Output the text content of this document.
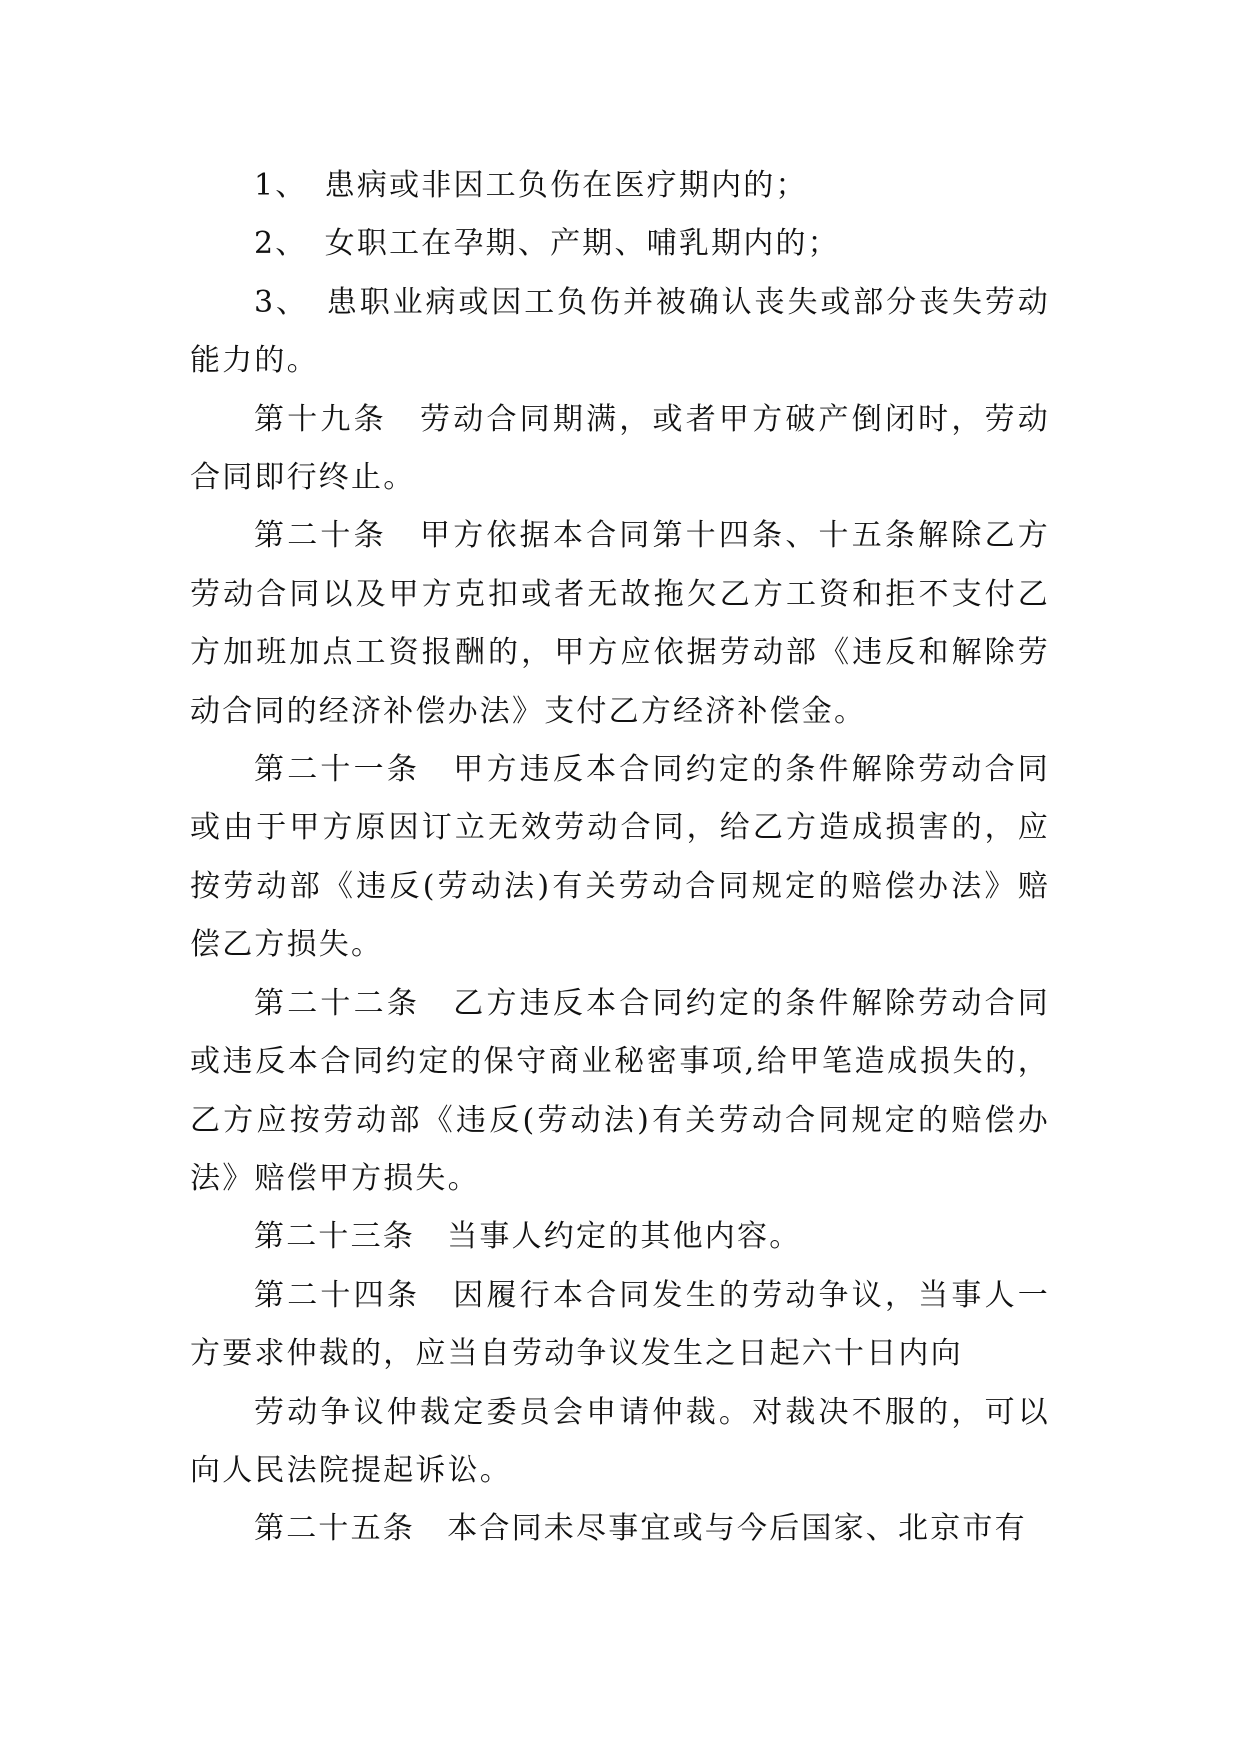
1、　患病或非因工负伤在医疗期内的；

2、　女职工在孕期、产期、哺乳期内的；

3、　患职业病或因工负伤并被确认丧失或部分丧失劳动能力的。

第十九条　劳动合同期满，或者甲方破产倒闭时，劳动合同即行终止。

第二十条　甲方依据本合同第十四条、十五条解除乙方劳动合同以及甲方克扣或者无故拖欠乙方工资和拒不支付乙方加班加点工资报酬的，甲方应依据劳动部《违反和解除劳动合同的经济补偿办法》支付乙方经济补偿金。

第二十一条　甲方违反本合同约定的条件解除劳动合同或由于甲方原因订立无效劳动合同，给乙方造成损害的，应按劳动部《违反(劳动法)有关劳动合同规定的赔偿办法》赔偿乙方损失。

第二十二条　乙方违反本合同约定的条件解除劳动合同或违反本合同约定的保守商业秘密事项,给甲笔造成损失的，乙方应按劳动部《违反(劳动法)有关劳动合同规定的赔偿办法》赔偿甲方损失。

第二十三条　当事人约定的其他内容。

第二十四条　因履行本合同发生的劳动争议，当事人一方要求仲裁的，应当自劳动争议发生之日起六十日内向

劳动争议仲裁定委员会申请仲裁。对裁决不服的，可以向人民法院提起诉讼。

第二十五条　本合同未尽事宜或与今后国家、北京市有
